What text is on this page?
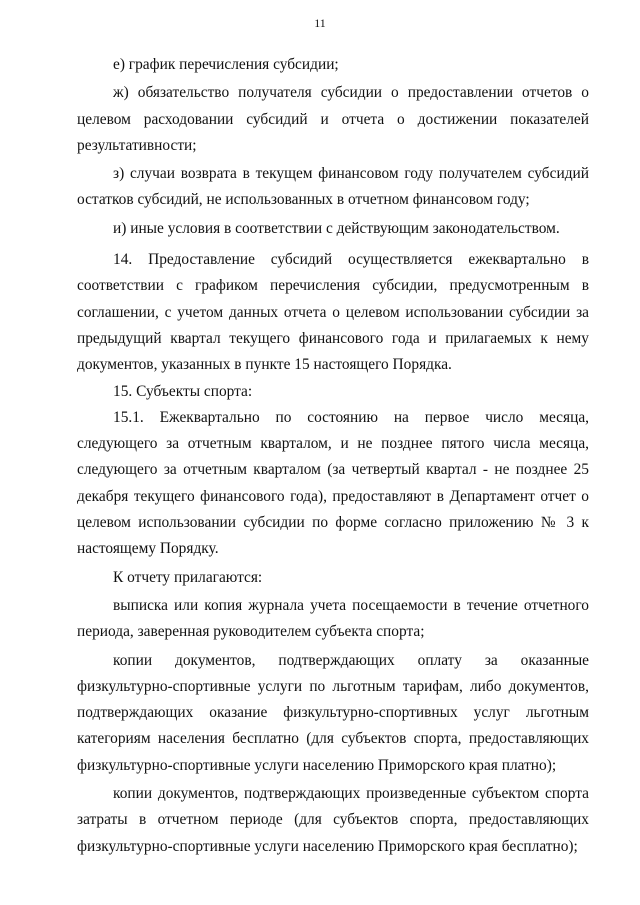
11

е) график перечисления субсидии;

ж) обязательство получателя субсидии о предоставлении отчетов о целевом расходовании субсидий и отчета о достижении показателей результативности;

з) случаи возврата в текущем финансовом году получателем субсидий остатков субсидий, не использованных в отчетном финансовом году;

и) иные условия в соответствии с действующим законодательством.

14. Предоставление субсидий осуществляется ежеквартально в соответствии с графиком перечисления субсидии, предусмотренным в соглашении, с учетом данных отчета о целевом использовании субсидии за предыдущий квартал текущего финансового года и прилагаемых к нему документов, указанных в пункте 15 настоящего Порядка.

15. Субъекты спорта:

15.1. Ежеквартально по состоянию на первое число месяца, следующего за отчетным кварталом, и не позднее пятого числа месяца, следующего за отчетным кварталом (за четвертый квартал - не позднее 25 декабря текущего финансового года), предоставляют в Департамент отчет о целевом использовании субсидии по форме согласно приложению № 3 к настоящему Порядку.

К отчету прилагаются:

выписка или копия журнала учета посещаемости в течение отчетного периода, заверенная руководителем субъекта спорта;

копии документов, подтверждающих оплату за оказанные физкультурно-спортивные услуги по льготным тарифам, либо документов, подтверждающих оказание физкультурно-спортивных услуг льготным категориям населения бесплатно (для субъектов спорта, предоставляющих физкультурно-спортивные услуги населению Приморского края платно);

копии документов, подтверждающих произведенные субъектом спорта затраты в отчетном периоде (для субъектов спорта, предоставляющих физкультурно-спортивные услуги населению Приморского края бесплатно);
